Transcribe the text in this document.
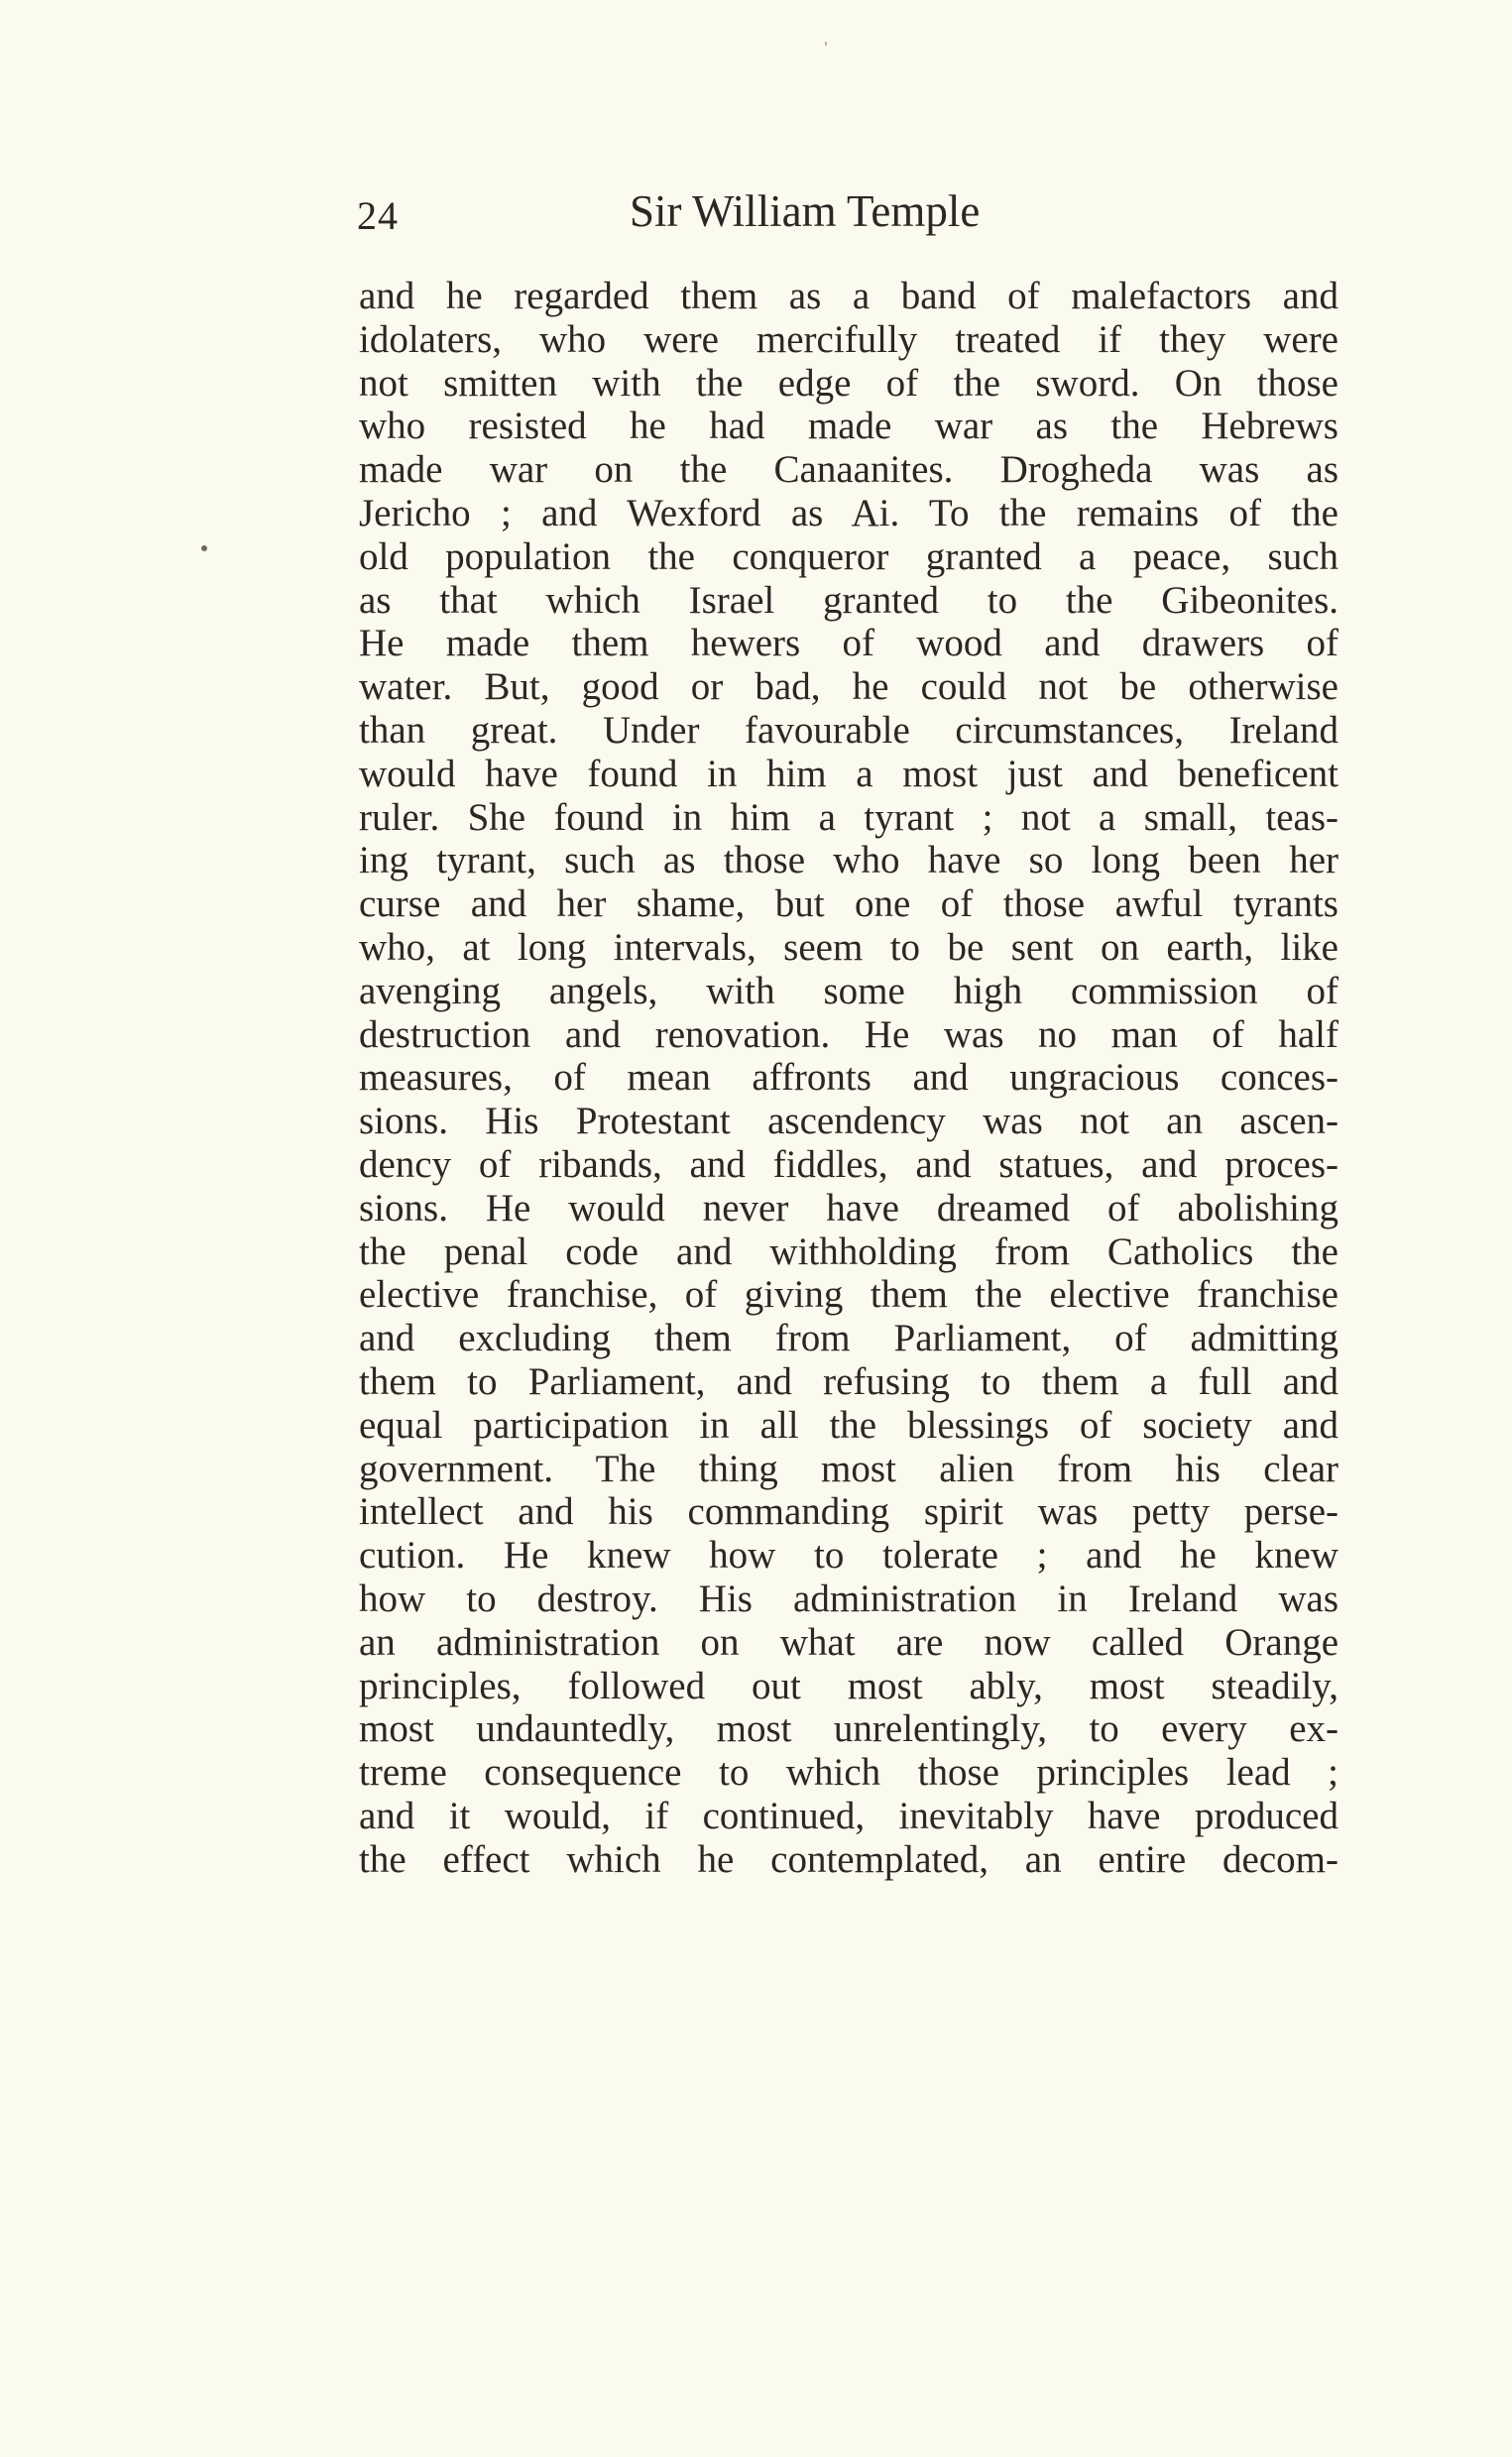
24	Sir William Temple
and he regarded them as a band of malefactors and
idolaters, who were mercifully treated if they were
not smitten with the edge of the sword. On those
who resisted he had made war as the Hebrews
made war on the Canaanites. Drogheda was as
Jericho ; and Wexford as Ai. To the remains of the
old population the conqueror granted a peace, such
as that which Israel granted to the Gibeonites.
He made them hewers of wood and drawers of
water. But, good or bad, he could not be otherwise
than great. Under favourable circumstances, Ireland
would have found in him a most just and beneficent
ruler. She found in him a tyrant ; not a small, teas-
ing tyrant, such as those who have so long been her
curse and her shame, but one of those awful tyrants
who, at long intervals, seem to be sent on earth, like
avenging angels, with some high commission of
destruction and renovation. He was no man of half
measures, of mean affronts and ungracious conces-
sions. His Protestant ascendency was not an ascen-
dency of ribands, and fiddles, and statues, and proces-
sions. He would never have dreamed of abolishing
the penal code and withholding from Catholics the
elective franchise, of giving them the elective franchise
and excluding them from Parliament, of admitting
them to Parliament, and refusing to them a full and
equal participation in all the blessings of society and
government. The thing most alien from his clear
intellect and his commanding spirit was petty perse-
cution. He knew how to tolerate ; and he knew
how to destroy. His administration in Ireland was
an administration on what are now called Orange
principles, followed out most ably, most steadily,
most undauntedly, most unrelentingly, to every ex-
treme consequence to which those principles lead ;
and it would, if continued, inevitably have produced
the effect which he contemplated, an entire decom-
